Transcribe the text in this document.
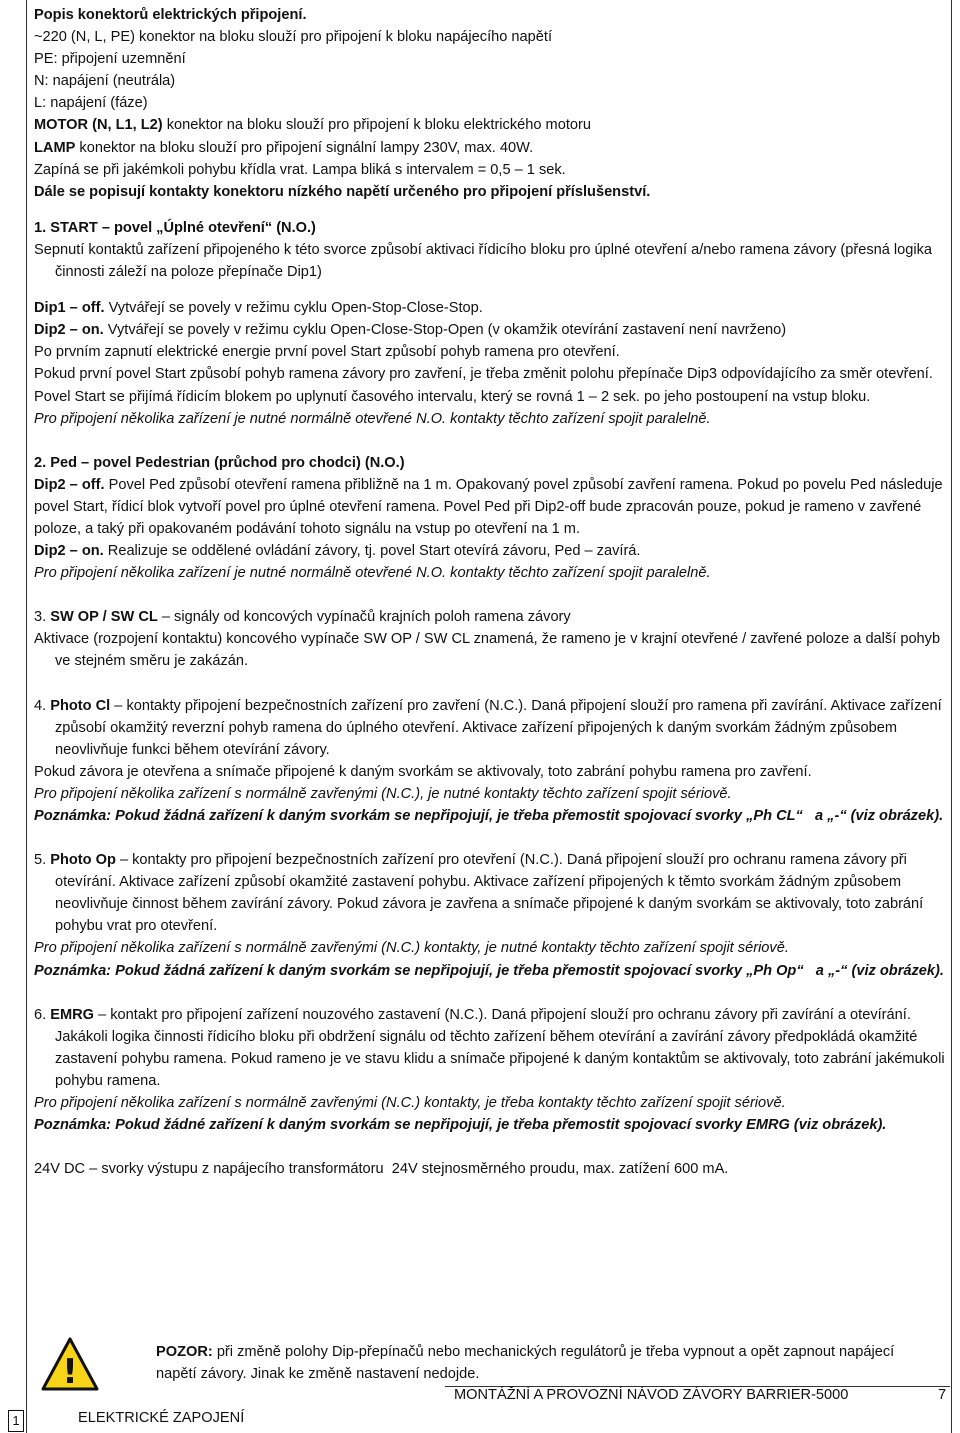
Popis konektorů elektrických připojení.

~220 (N, L, PE) konektor na bloku slouží pro připojení k bloku napájecího napětí

PE: připojení uzemnění

N: napájení (neutrála)

L: napájení (fáze)

MOTOR (N, L1, L2) konektor na bloku slouží pro připojení k bloku elektrického motoru

LAMP konektor na bloku slouží pro připojení signální lampy 230V, max. 40W.

Zapíná se při jakémkoli pohybu křídla vrat. Lampa bliká s intervalem = 0,5 – 1 sek.

Dále se popisují kontakty konektoru nízkého napětí určeného pro připojení příslušenství.

1. START – povel „Úplné otevření“ (N.O.)

Sepnutí kontaktů zařízení připojeného k této svorce způsobí aktivaci řídicího bloku pro úplné otevření a/nebo ramena závory (přesná logika činnosti záleží na poloze přepínače Dip1)

Dip1 – off. Vytvářejí se povely v režimu cyklu Open-Stop-Close-Stop.

Dip2 – on. Vytvářejí se povely v režimu cyklu Open-Close-Stop-Open (v okamžik otevírání zastavení není navrženo)

Po prvním zapnutí elektrické energie první povel Start způsobí pohyb ramena pro otevření.

Pokud první povel Start způsobí pohyb ramena závory pro zavření, je třeba změnit polohu přepínače Dip3 odpovídajícího za směr otevření.

Povel Start se přijímá řídicím blokem po uplynutí časového intervalu, který se rovná 1 – 2 sek. po jeho postoupení na vstup bloku.

Pro připojení několika zařízení je nutné normálně otevřené N.O. kontakty těchto zařízení spojit paralelně.

2. Ped – povel Pedestrian (průchod pro chodci) (N.O.)

Dip2 – off. Povel Ped způsobí otevření ramena přibližně na 1 m. Opakovaný povel způsobí zavření ramena. Pokud po povelu Ped následuje povel Start, řídicí blok vytvoří povel pro úplné otevření ramena. Povel Ped při Dip2-off bude zpracován pouze, pokud je rameno v zavřené poloze, a taký při opakovaném podávání tohoto signálu na vstup po otevření na 1 m.

Dip2 – on. Realizuje se oddělené ovládání závory, tj. povel Start otevírá závoru, Ped – zavírá.

Pro připojení několika zařízení je nutné normálně otevřené N.O. kontakty těchto zařízení spojit paralelně.

3. SW OP / SW CL – signály od koncových vypínačů krajních poloh ramena závory

Aktivace (rozpojení kontaktu) koncového vypínače SW OP / SW CL znamená, že rameno je v krajní otevřené / zavřené poloze a další pohyb ve stejném směru je zakázán.

4. Photo Cl – kontakty připojení bezpečnostních zařízení pro zavření (N.C.). Daná připojení slouží pro ramena při zavírání. Aktivace zařízení způsobí okamžitý reverzní pohyb ramena do úplného otevření. Aktivace zařízení připojených k daným svorkám žádným způsobem neovlivňuje funkci během otevírání závory.

Pokud závora je otevřena a snímače připojené k daným svorkám se aktivovaly, toto zabrání pohybu ramena pro zavření.

Pro připojení několika zařízení s normálně zavřenými (N.C.), je nutné kontakty těchto zařízení spojit sériově.

Poznámka: Pokud žádná zařízení k daným svorkám se nepřipojují, je třeba přemostit spojovací svorky „Ph CL“   a „-“ (viz obrázek).

5. Photo Op – kontakty pro připojení bezpečnostních zařízení pro otevření (N.C.). Daná připojení slouží pro ochranu ramena závory při otevírání. Aktivace zařízení způsobí okamžité zastavení pohybu. Aktivace zařízení připojených k těmto svorkám žádným způsobem neovlivňuje činnost během zavírání závory. Pokud závora je zavřena a snímače připojené k daným svorkám se aktivovaly, toto zabrání pohybu vrat pro otevření.

Pro připojení několika zařízení s normálně zavřenými (N.C.) kontakty, je nutné kontakty těchto zařízení spojit sériově.

Poznámka: Pokud žádná zařízení k daným svorkám se nepřipojují, je třeba přemostit spojovací svorky „Ph Op“   a „-“ (viz obrázek).

6. EMRG – kontakt pro připojení zařízení nouzového zastavení (N.C.). Daná připojení slouží pro ochranu závory při zavírání a otevírání. Jakákoli logika činnosti řídicího bloku při obdržení signálu od těchto zařízení během otevírání a zavírání závory předpokládá okamžité zastavení pohybu ramena. Pokud rameno je ve stavu klidu a snímače připojené k daným kontaktům se aktivovaly, toto zabrání jakémukoli pohybu ramena.

Pro připojení několika zařízení s normálně zavřenými (N.C.) kontakty, je třeba kontakty těchto zařízení spojit sériově.

Poznámka: Pokud žádné zařízení k daným svorkám se nepřipojují, je třeba přemostit spojovací svorky EMRG (viz obrázek).

24V DC – svorky výstupu z napájecího transformátoru  24V stejnosměrného proudu, max. zatížení 600 mA.

!	POZOR: při změně polohy Dip-přepínačů nebo mechanických regulátorů je třeba vypnout a opět zapnout napájecí napětí závory. Jinak ke změně nastavení nedojde.
MONTÁŽNÍ A PROVOZNÍ NÁVOD ZÁVORY BARRIER-5000	7
1	ELEKTRICKÉ ZAPOJENÍ
